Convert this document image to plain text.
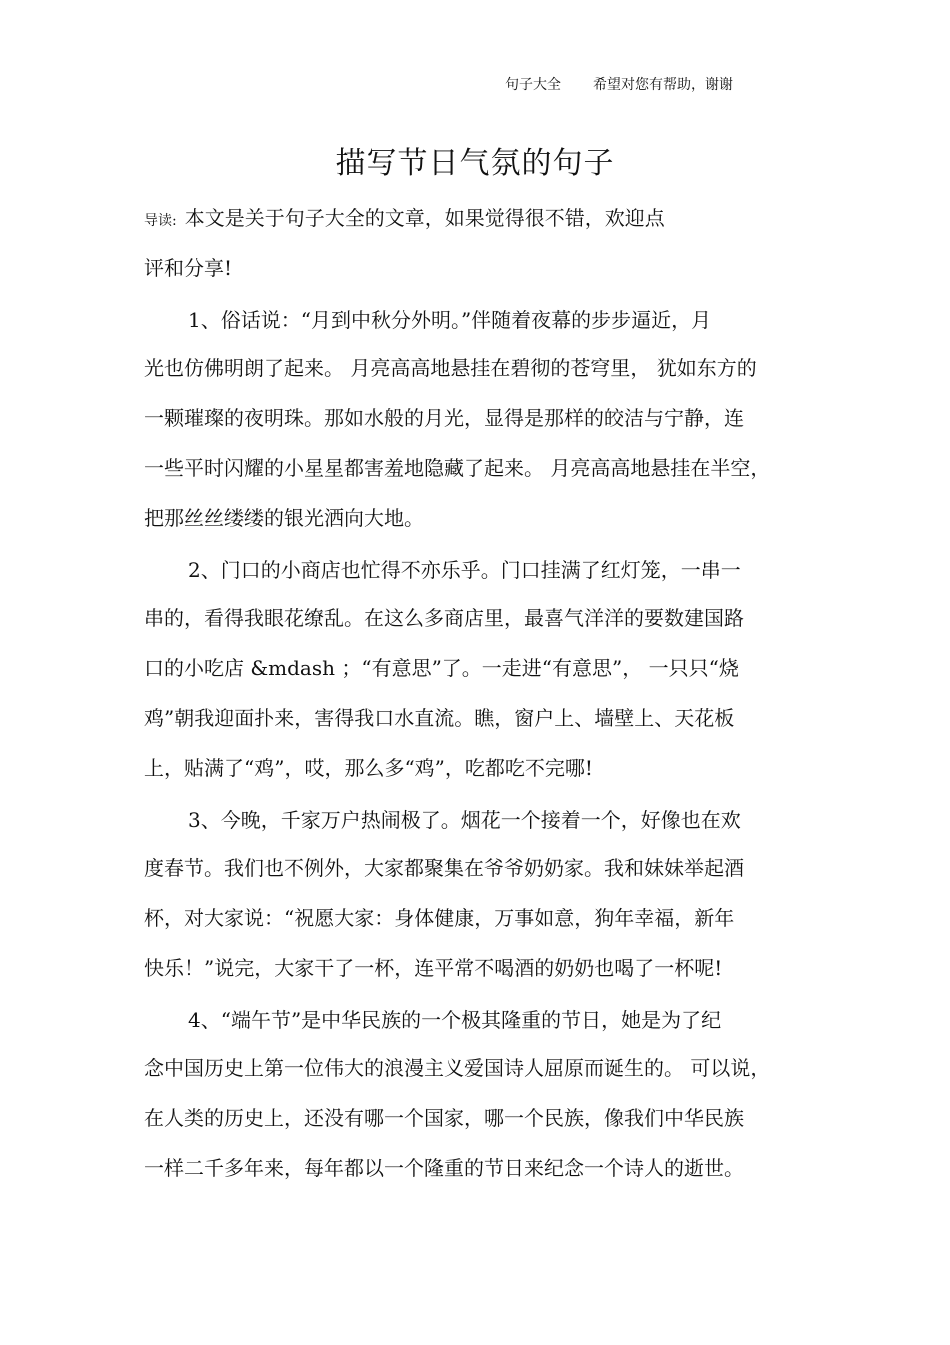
句子大全 希望对您有帮助，谢谢
描写节日气氛的句子
导读: 本文是关于句子大全的文章，如果觉得很不错，欢迎点
评和分享!
1、俗话说：“月到中秋分外明。”伴随着夜幕的步步逼近，月
光也仿佛明朗了起来。 月亮高高地悬挂在碧彻的苍穹里， 犹如东方的
一颗璀璨的夜明珠。那如水般的月光，显得是那样的皎洁与宁静，连
一些平时闪耀的小星星都害羞地隐藏了起来。 月亮高高地悬挂在半空，
把那丝丝缕缕的银光洒向大地。
2、门口的小商店也忙得不亦乐乎。门口挂满了红灯笼，一串一
串的，看得我眼花缭乱。在这么多商店里，最喜气洋洋的要数建国路
口的小吃店 &mdash ；“有意思”了。一走进“有意思”， 一只只“烧
鸡”朝我迎面扑来，害得我口水直流。瞧，窗户上、墙壁上、天花板
上，贴满了“鸡”，哎，那么多“鸡”，吃都吃不完哪!
3、今晚，千家万户热闹极了。烟花一个接着一个，好像也在欢
度春节。我们也不例外，大家都聚集在爷爷奶奶家。我和妹妹举起酒
杯，对大家说：“祝愿大家：身体健康，万事如意，狗年幸福，新年
快乐！”说完，大家干了一杯，连平常不喝酒的奶奶也喝了一杯呢!
4、“端午节”是中华民族的一个极其隆重的节日，她是为了纪
念中国历史上第一位伟大的浪漫主义爱国诗人屈原而诞生的。 可以说，
在人类的历史上，还没有哪一个国家，哪一个民族，像我们中华民族
一样二千多年来，每年都以一个隆重的节日来纪念一个诗人的逝世。
